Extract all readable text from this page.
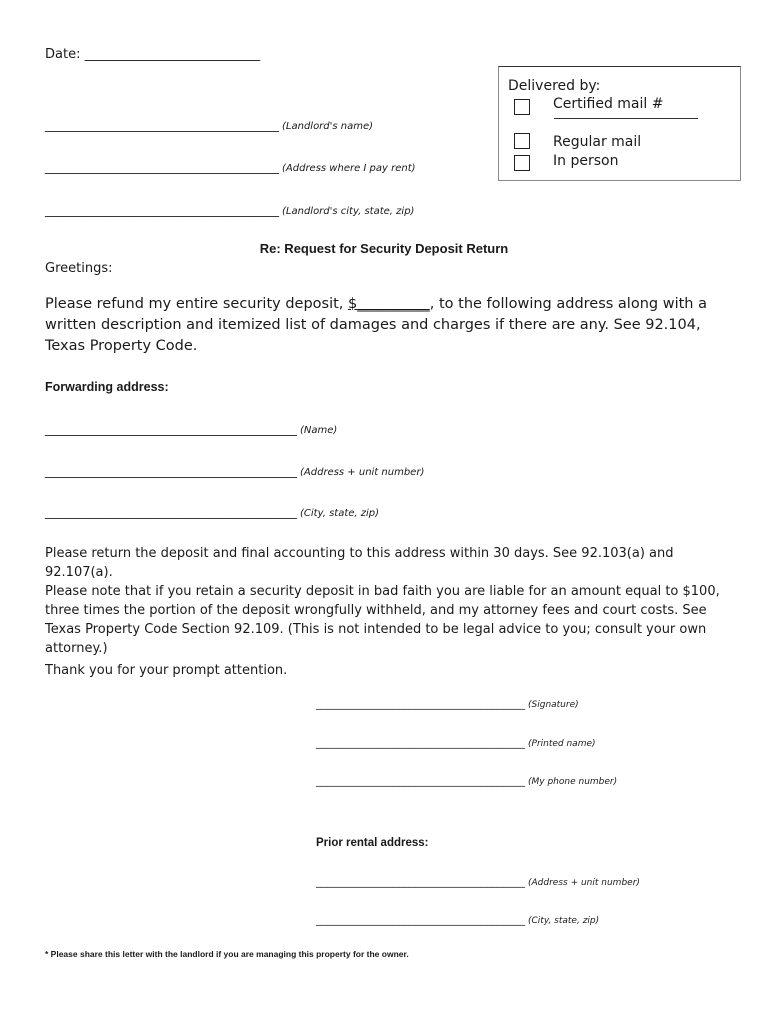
Date: ___________________________
_______________________________________ (Landlord's name)
_______________________________________ (Address where I pay rent)
_______________________________________ (Landlord's city, state, zip)
Delivered by:
Certified mail #
Regular mail
In person
Re: Request for Security Deposit Return
Greetings:
Please refund my entire security deposit, $__________, to the following address along with a written description and itemized list of damages and charges if there are any. See 92.104, Texas Property Code.
Forwarding address:
__________________________________________ (Name)
__________________________________________ (Address + unit number)
__________________________________________ (City, state, zip)
Please return the deposit and final accounting to this address within 30 days. See 92.103(a) and 92.107(a).
Please note that if you retain a security deposit in bad faith you are liable for an amount equal to $100, three times the portion of the deposit wrongfully withheld, and my attorney fees and court costs. See Texas Property Code Section 92.109. (This is not intended to be legal advice to you; consult your own attorney.)
Thank you for your prompt attention.
______________________________________ (Signature)
______________________________________ (Printed name)
______________________________________ (My phone number)
Prior rental address:
______________________________________ (Address + unit number)
______________________________________ (City, state, zip)
* Please share this letter with the landlord if you are managing this property for the owner.
